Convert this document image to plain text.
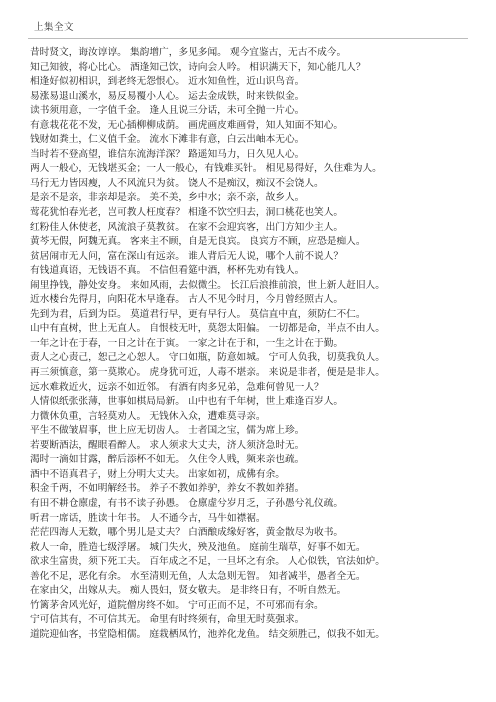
上集全文
昔时贤文，诲汝谆谆。 集韵增广，多见多闻。 观今宜鉴古，无古不成今。
知己知彼，将心比心。 酒逢知己饮，诗向会人吟。 相识满天下，知心能几人？
相逢好似初相识，到老终无怨恨心。 近水知鱼性，近山识鸟音。
易涨易退山溪水，易反易覆小人心。 运去金成铁，时来铁似金。
读书须用意，一字值千金。 逢人且说三分话，未可全抛一片心。
有意栽花花不发，无心插柳柳成荫。 画虎画皮难画骨，知人知面不知心。
钱财如粪土，仁义值千金。 流水下滩非有意，白云出岫本无心。
当时若不登高望，谁信东流海洋深？ 路遥知马力，日久见人心。
两人一般心，无钱堪买金；一人一般心，有钱难买针。 相见易得好，久住难为人。
马行无力皆因瘦，人不风流只为贫。 饶人不是痴汉，痴汉不会饶人。
是亲不是亲，非亲却是亲。 美不美，乡中水；亲不亲，故乡人。
莺花犹怕春光老，岂可教人枉度春？ 相逢不饮空归去，洞口桃花也笑人。
红粉佳人休使老，风流浪子莫教贫。 在家不会迎宾客，出门方知少主人。
黄芩无假，阿魏无真。 客来主不顾，自是无良宾。 良宾方不顾，应恐是痴人。
贫居闹市无人问，富在深山有远亲。 谁人背后无人说，哪个人前不说人？
有钱道真语，无钱语不真。 不信但看筵中酒，杯杯先劝有钱人。
闹里挣钱，静处安身。 来如风雨，去似微尘。 长江后浪推前浪，世上新人赶旧人。
近水楼台先得月，向阳花木早逢春。 古人不见今时月，今月曾经照古人。
先到为君，后到为臣。 莫道君行早，更有早行人。 莫信直中直，须防仁不仁。
山中有直树，世上无直人。 自恨枝无叶，莫怨太阳偏。 一切都是命，半点不由人。
一年之计在于春，一日之计在于寅。 一家之计在于和，一生之计在于勤。
责人之心责己，恕己之心恕人。 守口如瓶，防意如城。 宁可人负我，切莫我负人。
再三须慎意，第一莫欺心。 虎身犹可近，人毒不堪亲。 来说是非者，便是是非人。
远水难救近火，远亲不如近邻。 有酒有肉多兄弟，急难何曾见一人？
人情似纸张张薄，世事如棋局局新。 山中也有千年树，世上难逢百岁人。
力微休负重，言轻莫劝人。 无钱休入众，遭难莫寻亲。
平生不做皱眉事，世上应无切齿人。 士者国之宝，儒为席上珍。
若要断酒法，醒眼看醉人。 求人须求大丈夫，济人须济急时无。
渴时一滴如甘露，醉后添杯不如无。 久住令人贱，频来亲也疏。
酒中不语真君子，财上分明大丈夫。 出家如初，成佛有余。
积金千两，不如明解经书。 养子不教如养驴，养女不教如养猪。
有田不耕仓廪虚，有书不读子孙愚。 仓廪虚兮岁月乏，子孙愚兮礼仪疏。
听君一席话，胜读十年书。 人不通今古，马牛如襟裾。
茫茫四海人无数，哪个男儿是丈夫？ 白酒酿成缘好客，黄金散尽为收书。
救人一命，胜造七级浮屠。 城门失火，殃及池鱼。 庭前生瑞草，好事不如无。
欲求生富贵，须下死工夫。 百年成之不足，一旦坏之有余。 人心似铁，官法如炉。
善化不足，恶化有余。 水至清则无鱼，人太急则无智。 知者减半，愚者全无。
在家由父，出嫁从夫。 痴人畏妇，贤女敬夫。 是非终日有，不听自然无。
竹篱茅舍风光好，道院僧房终不如。 宁可正而不足，不可邪而有余。
宁可信其有，不可信其无。 命里有时终须有，命里无时莫强求。
道院迎仙客，书堂隐相儒。 庭栽栖凤竹，池养化龙鱼。 结交须胜己，似我不如无。
